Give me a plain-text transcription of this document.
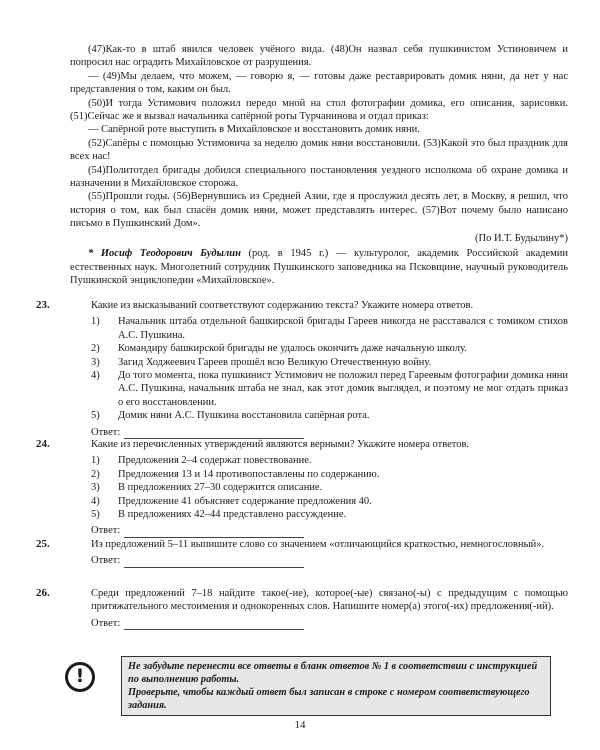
(47)Как-то в штаб явился человек учёного вида. (48)Он назвал себя пушкинистом Устиновичем и попросил нас оградить Михайловское от разрушения.

— (49)Мы делаем, что можем, — говорю я, — готовы даже реставрировать домик няни, да нет у нас представления о том, каким он был.

(50)И тогда Устимович положил передо мной на стол фотографии домика, его описания, зарисовки. (51)Сейчас же я вызвал начальника сапёрной роты Турчанинова и отдал приказ:

— Сапёрной роте выступить в Михайловское и восстановить домик няни.

(52)Сапёры с помощью Устимовича за неделю домик няни восстановили. (53)Какой это был праздник для всех нас!

(54)Политотдел бригады добился специального постановления уездного исполкома об охране домика и назначении в Михайловское сторожа.

(55)Прошли годы. (56)Вернувшись из Средней Азии, где я прослужил десять лет, в Москву, я решил, что история о том, как был спасён домик няни, может представлять интерес. (57)Вот почему было написано письмо в Пушкинский Дом».

(По И.Т. Будылину*)

* Иосиф Теодорович Будылин (род. в 1945 г.) — культуролог, академик Российской академии естественных наук. Многолетний сотрудник Пушкинского заповедника на Псковщине, научный руководитель Пушкинской энциклопедии «Михайловское».

23.	Какие из высказываний соответствуют содержанию текста? Укажите номера ответов.
1)	Начальник штаба отдельной башкирской бригады Гареев никогда не расставался с томиком стихов А.С. Пушкина.
2)	Командиру башкирской бригады не удалось окончить даже начальную школу.
3)	Загид Ходжеевич Гареев прошёл всю Великую Отечественную войну.
4)	До того момента, пока пушкинист Устимович не положил перед Гареевым фотографии домика няни А.С. Пушкина, начальник штаба не знал, как этот домик выглядел, и поэтому не мог отдать приказ о его восстановлении.
5)	Домик няни А.С. Пушкина восстановила сапёрная рота.
Ответ:
24.	Какие из перечисленных утверждений являются верными? Укажите номера ответов.
1)	Предложения 2–4 содержат повествование.
2)	Предложения 13 и 14 противопоставлены по содержанию.
3)	В предложениях 27–30 содержится описание.
4)	Предложение 41 объясняет содержание предложения 40.
5)	В предложениях 42–44 представлено рассуждение.
Ответ:
25.	Из предложений 5–11 выпишите слово со значением «отличающийся краткостью, немногословный».
Ответ:
26.	Среди предложений 7–18 найдите такое(-ие), которое(-ые) связано(-ы) с предыдущим с помощью притяжательного местоимения и однокоренных слов. Напишите номер(а) этого(-их) предложения(-ий).
Ответ:
!	Не забудьте перенести все ответы в бланк ответов № 1 в соответствии с инструкцией по выполнению работы.

Проверьте, чтобы каждый ответ был записан в строке с номером соответствующего задания.

14
